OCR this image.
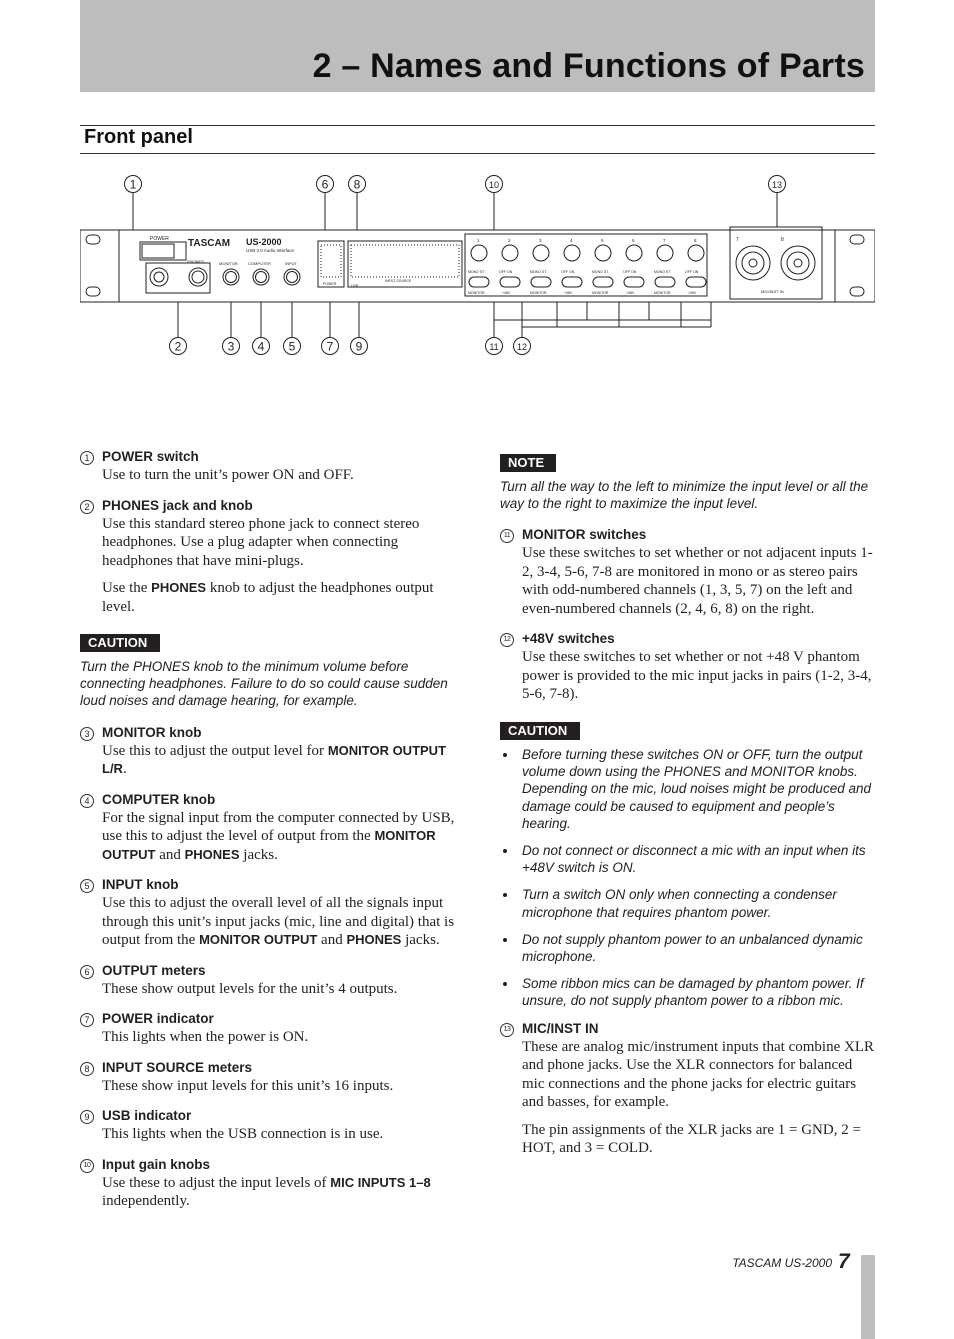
2 – Names and Functions of Parts
Front panel
1	6 8	10	13
2	3 4 5	7 9	11 12
POWER TASCAM US-2000
USB 2.0 Audio Interface
PHONES	MONITOR	COMPUTER	INPUT
POWER
INPUT SOURCE
USB
1	2	3	4	5	6	7	8
MONO ST	OFF ON	MONO ST	OFF ON	MONO ST	OFF ON	MONO ST	OFF ON
MONITOR	+48V	MONITOR	+48V	MONITOR	+48V	MONITOR	+48V
7	8
MIC/INST IN
1 POWER switch
Use to turn the unit’s power ON and OFF.
2 PHONES jack and knob
Use this standard stereo phone jack to connect stereo headphones. Use a plug adapter when connecting headphones that have mini-plugs.
Use the PHONES knob to adjust the headphones output level.
CAUTION
Turn the PHONES knob to the minimum volume before connecting headphones. Failure to do so could cause sudden loud noises and damage hearing, for example.
3 MONITOR knob
Use this to adjust the output level for MONITOR OUTPUT L/R.
4 COMPUTER knob
For the signal input from the computer connected by USB, use this to adjust the level of output from the MONITOR OUTPUT and PHONES jacks.
5 INPUT knob
Use this to adjust the overall level of all the signals input through this unit’s input jacks (mic, line and digital) that is output from the MONITOR OUTPUT and PHONES jacks.
6 OUTPUT meters
These show output levels for the unit’s 4 outputs.
7 POWER indicator
This lights when the power is ON.
8 INPUT SOURCE meters
These show input levels for this unit’s 16 inputs.
9 USB indicator
This lights when the USB connection is in use.
10 Input gain knobs
Use these to adjust the input levels of MIC INPUTS 1–8 independently.
NOTE
Turn all the way to the left to minimize the input level or all the way to the right to maximize the input level.
11 MONITOR switches
Use these switches to set whether or not adjacent inputs 1-2, 3-4, 5-6, 7-8 are monitored in mono or as stereo pairs with odd-numbered channels (1, 3, 5, 7) on the left and even-numbered channels (2, 4, 6, 8) on the right.
12 +48V switches
Use these switches to set whether or not +48 V phantom power is provided to the mic input jacks in pairs (1-2, 3-4, 5-6, 7-8).
CAUTION
Before turning these switches ON or OFF, turn the output volume down using the PHONES and MONITOR knobs. Depending on the mic, loud noises might be produced and damage could be caused to equipment and people’s hearing.
Do not connect or disconnect a mic with an input when its +48V switch is ON.
Turn a switch ON only when connecting a condenser microphone that requires phantom power.
Do not supply phantom power to an unbalanced dynamic microphone.
Some ribbon mics can be damaged by phantom power. If unsure, do not supply phantom power to a ribbon mic.
13 MIC/INST IN
These are analog mic/instrument inputs that combine XLR and phone jacks. Use the XLR connectors for balanced mic connections and the phone jacks for electric guitars and basses, for example.
The pin assignments of the XLR jacks are 1 = GND, 2 = HOT, and 3 = COLD.
TASCAM US-2000 7
